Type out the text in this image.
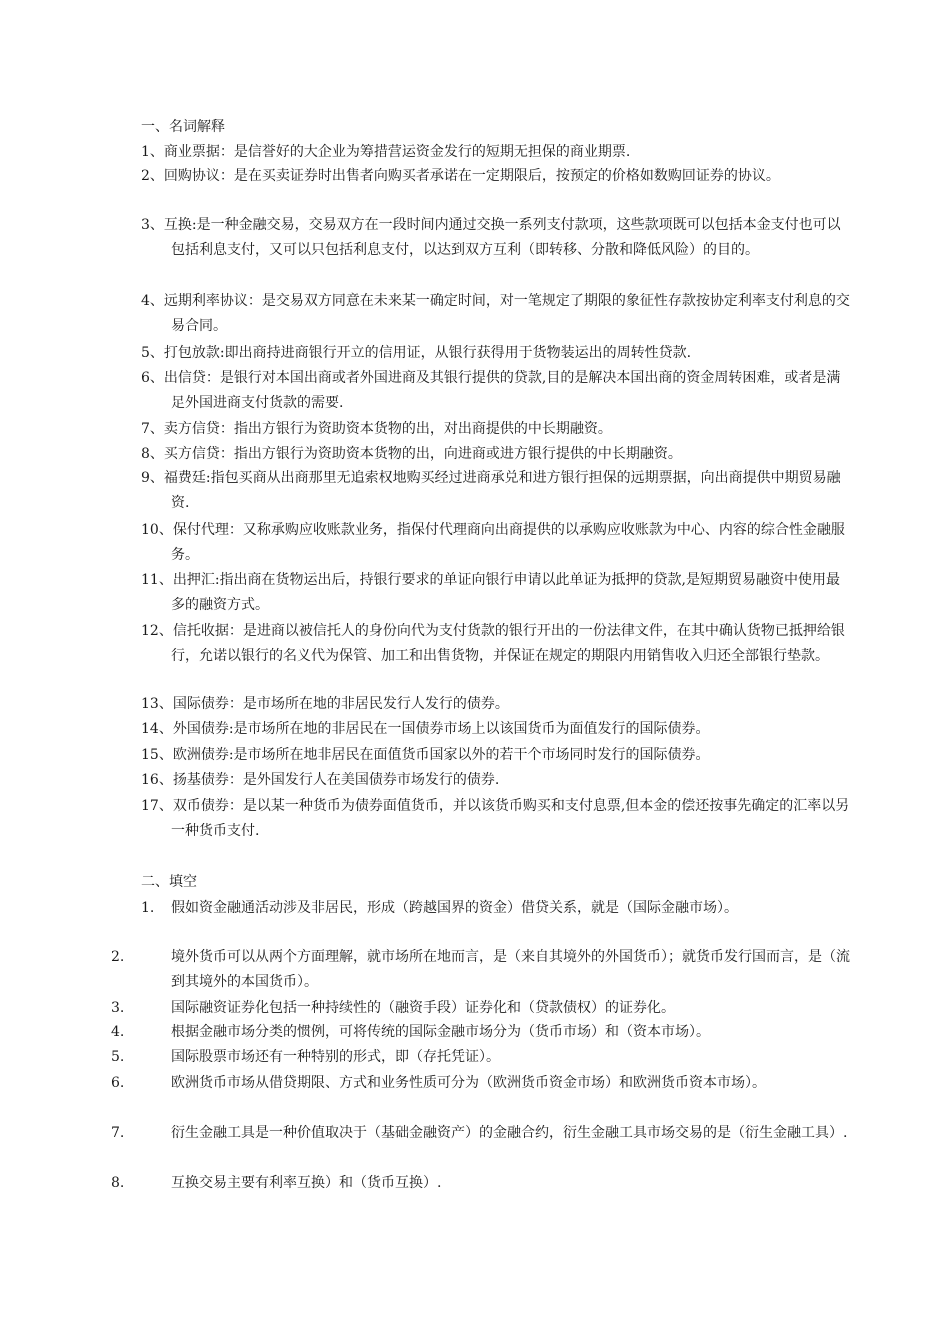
一、名词解释
1、商业票据：是信誉好的大企业为筹措营运资金发行的短期无担保的商业期票.
2、回购协议：是在买卖证券时出售者向购买者承诺在一定期限后，按预定的价格如数购回证券的协议。
3、互换:是一种金融交易，交易双方在一段时间内通过交换一系列支付款项，这些款项既可以包括本金支付也可以包括利息支付，又可以只包括利息支付，以达到双方互利（即转移、分散和降低风险）的目的。
4、远期利率协议：是交易双方同意在未来某一确定时间，对一笔规定了期限的象征性存款按协定利率支付利息的交易合同。
5、打包放款:即出商持进商银行开立的信用证，从银行获得用于货物装运出的周转性贷款.
6、出信贷：是银行对本国出商或者外国进商及其银行提供的贷款,目的是解决本国出商的资金周转困难，或者是满足外国进商支付货款的需要.
7、卖方信贷：指出方银行为资助资本货物的出，对出商提供的中长期融资。
8、买方信贷：指出方银行为资助资本货物的出，向进商或进方银行提供的中长期融资。
9、福费廷:指包买商从出商那里无追索权地购买经过进商承兑和进方银行担保的远期票据，向出商提供中期贸易融资.
10、保付代理：又称承购应收账款业务，指保付代理商向出商提供的以承购应收账款为中心、内容的综合性金融服务。
11、出押汇:指出商在货物运出后，持银行要求的单证向银行申请以此单证为抵押的贷款,是短期贸易融资中使用最多的融资方式。
12、信托收据：是进商以被信托人的身份向代为支付货款的银行开出的一份法律文件，在其中确认货物已抵押给银行，允诺以银行的名义代为保管、加工和出售货物，并保证在规定的期限内用销售收入归还全部银行垫款。
13、国际债券：是市场所在地的非居民发行人发行的债券。
14、外国债券:是市场所在地的非居民在一国债券市场上以该国货币为面值发行的国际债券。
15、欧洲债券:是市场所在地非居民在面值货币国家以外的若干个市场同时发行的国际债券。
16、扬基债券：是外国发行人在美国债券市场发行的债券.
17、双币债券：是以某一种货币为债券面值货币，并以该货币购买和支付息票,但本金的偿还按事先确定的汇率以另一种货币支付.
二、填空
1. 假如资金融通活动涉及非居民，形成（跨越国界的资金）借贷关系，就是（国际金融市场）。
2.	境外货币可以从两个方面理解，就市场所在地而言，是（来自其境外的外国货币）；就货币发行国而言，是（流到其境外的本国货币）。
3.	国际融资证券化包括一种持续性的（融资手段）证券化和（贷款债权）的证券化。
4.	根据金融市场分类的惯例，可将传统的国际金融市场分为（货币市场）和（资本市场）。
5.	国际股票市场还有一种特别的形式，即（存托凭证）。
6.	欧洲货币市场从借贷期限、方式和业务性质可分为（欧洲货币资金市场）和欧洲货币资本市场）。
7.	衍生金融工具是一种价值取决于（基础金融资产）的金融合约，衍生金融工具市场交易的是（衍生金融工具）.
8.	互换交易主要有利率互换）和（货币互换）.
